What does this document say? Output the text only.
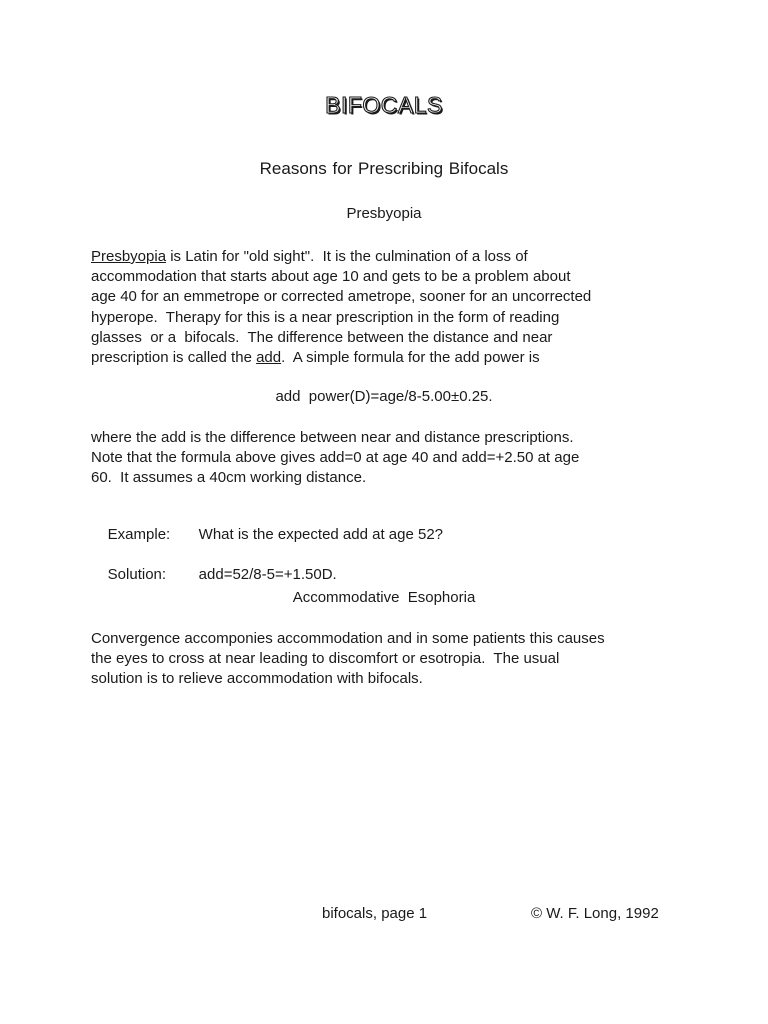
BIFOCALS
Reasons for Prescribing Bifocals
Presbyopia
Presbyopia is Latin for "old sight".  It is the culmination of a loss of
accommodation that starts about age 10 and gets to be a problem about
age 40 for an emmetrope or corrected ametrope, sooner for an uncorrected
hyperope.  Therapy for this is a near prescription in the form of reading
glasses  or a  bifocals.  The difference between the distance and near
prescription is called the add.  A simple formula for the add power is
add  power(D)=age/8-5.00±0.25.
where the add is the difference between near and distance prescriptions.
Note that the formula above gives add=0 at age 40 and add=+2.50 at age
60.  It assumes a 40cm working distance.

Example: What is the expected add at age 52?

Solution: add=52/8-5=+1.50D.

Accommodative  Esophoria
Convergence accomponies accommodation and in some patients this causes
the eyes to cross at near leading to discomfort or esotropia.  The usual
solution is to relieve accommodation with bifocals.
bifocals, page 1	© W. F. Long, 1992
